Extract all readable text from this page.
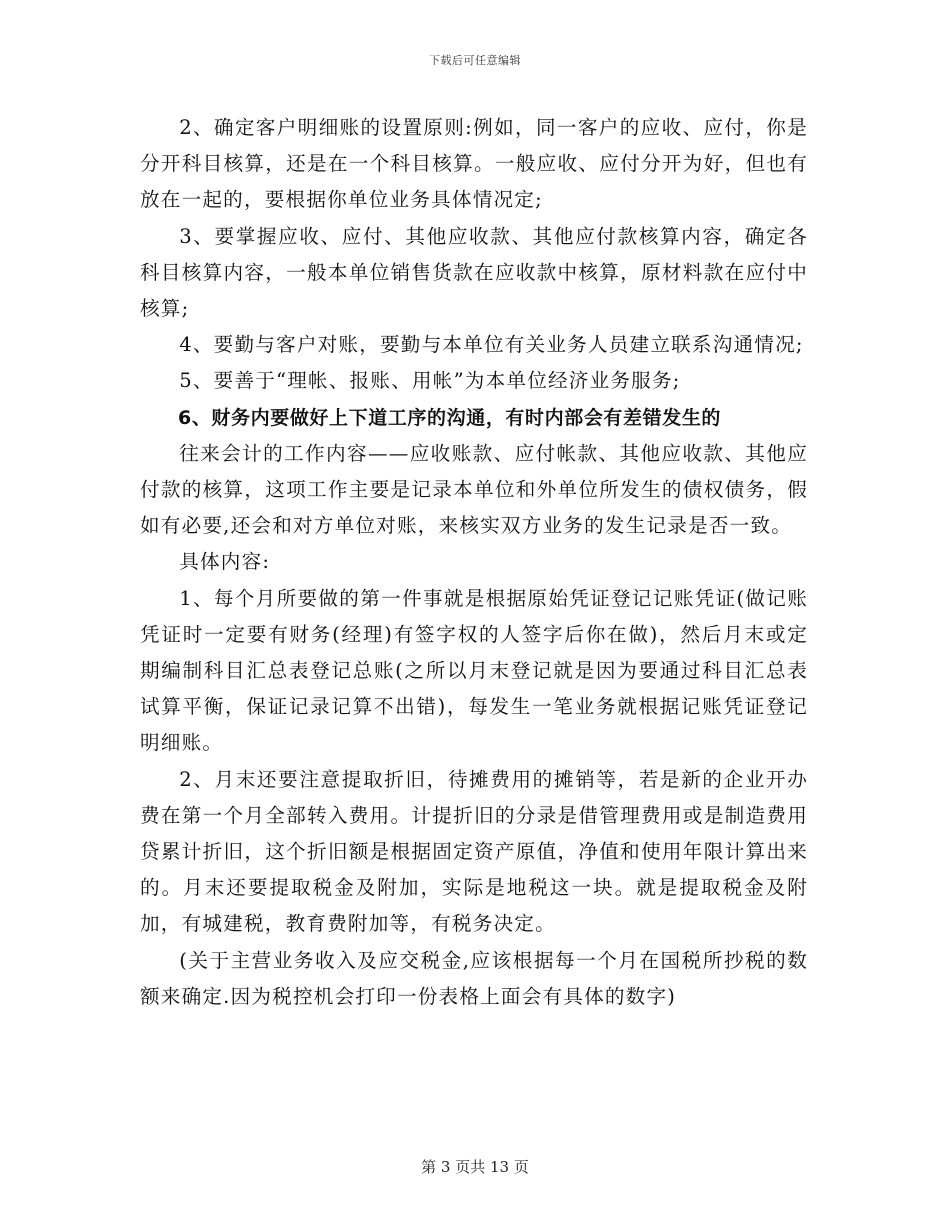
下载后可任意编辑

2、确定客户明细账的设置原则:例如，同一客户的应收、应付，你是分开科目核算，还是在一个科目核算。一般应收、应付分开为好，但也有放在一起的，要根据你单位业务具体情况定;

3、要掌握应收、应付、其他应收款、其他应付款核算内容，确定各科目核算内容，一般本单位销售货款在应收款中核算，原材料款在应付中核算;

4、要勤与客户对账，要勤与本单位有关业务人员建立联系沟通情况;

5、要善于“理帐、报账、用帐”为本单位经济业务服务;

6、财务内要做好上下道工序的沟通，有时内部会有差错发生的

往来会计的工作内容——应收账款、应付帐款、其他应收款、其他应付款的核算，这项工作主要是记录本单位和外单位所发生的债权债务，假如有必要,还会和对方单位对账，来核实双方业务的发生记录是否一致。

具体内容:

1、每个月所要做的第一件事就是根据原始凭证登记记账凭证(做记账凭证时一定要有财务(经理)有签字权的人签字后你在做)，然后月末或定期编制科目汇总表登记总账(之所以月末登记就是因为要通过科目汇总表试算平衡，保证记录记算不出错)，每发生一笔业务就根据记账凭证登记明细账。

2、月末还要注意提取折旧，待摊费用的摊销等，若是新的企业开办费在第一个月全部转入费用。计提折旧的分录是借管理费用或是制造费用贷累计折旧，这个折旧额是根据固定资产原值，净值和使用年限计算出来的。月末还要提取税金及附加，实际是地税这一块。就是提取税金及附加，有城建税，教育费附加等，有税务决定。

(关于主营业务收入及应交税金,应该根据每一个月在国税所抄税的数额来确定.因为税控机会打印一份表格上面会有具体的数字)

第 3 页共 13 页
